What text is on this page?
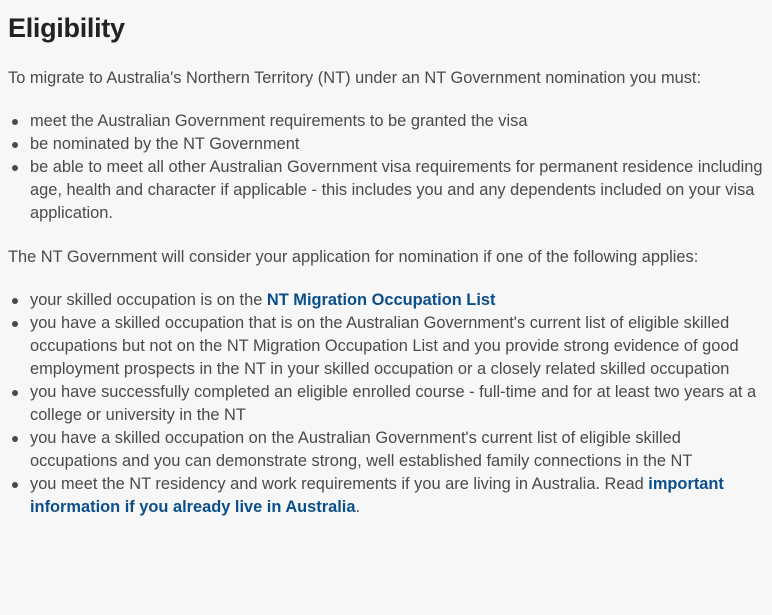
Eligibility

To migrate to Australia's Northern Territory (NT) under an NT Government nomination you must:

meet the Australian Government requirements to be granted the visa
be nominated by the NT Government
be able to meet all other Australian Government visa requirements for permanent residence including age, health and character if applicable - this includes you and any dependents included on your visa application.

The NT Government will consider your application for nomination if one of the following applies:

your skilled occupation is on the NT Migration Occupation List
you have a skilled occupation that is on the Australian Government's current list of eligible skilled occupations but not on the NT Migration Occupation List and you provide strong evidence of good employment prospects in the NT in your skilled occupation or a closely related skilled occupation
you have successfully completed an eligible enrolled course - full-time and for at least two years at a college or university in the NT
you have a skilled occupation on the Australian Government's current list of eligible skilled occupations and you can demonstrate strong, well established family connections in the NT
you meet the NT residency and work requirements if you are living in Australia. Read important information if you already live in Australia.
